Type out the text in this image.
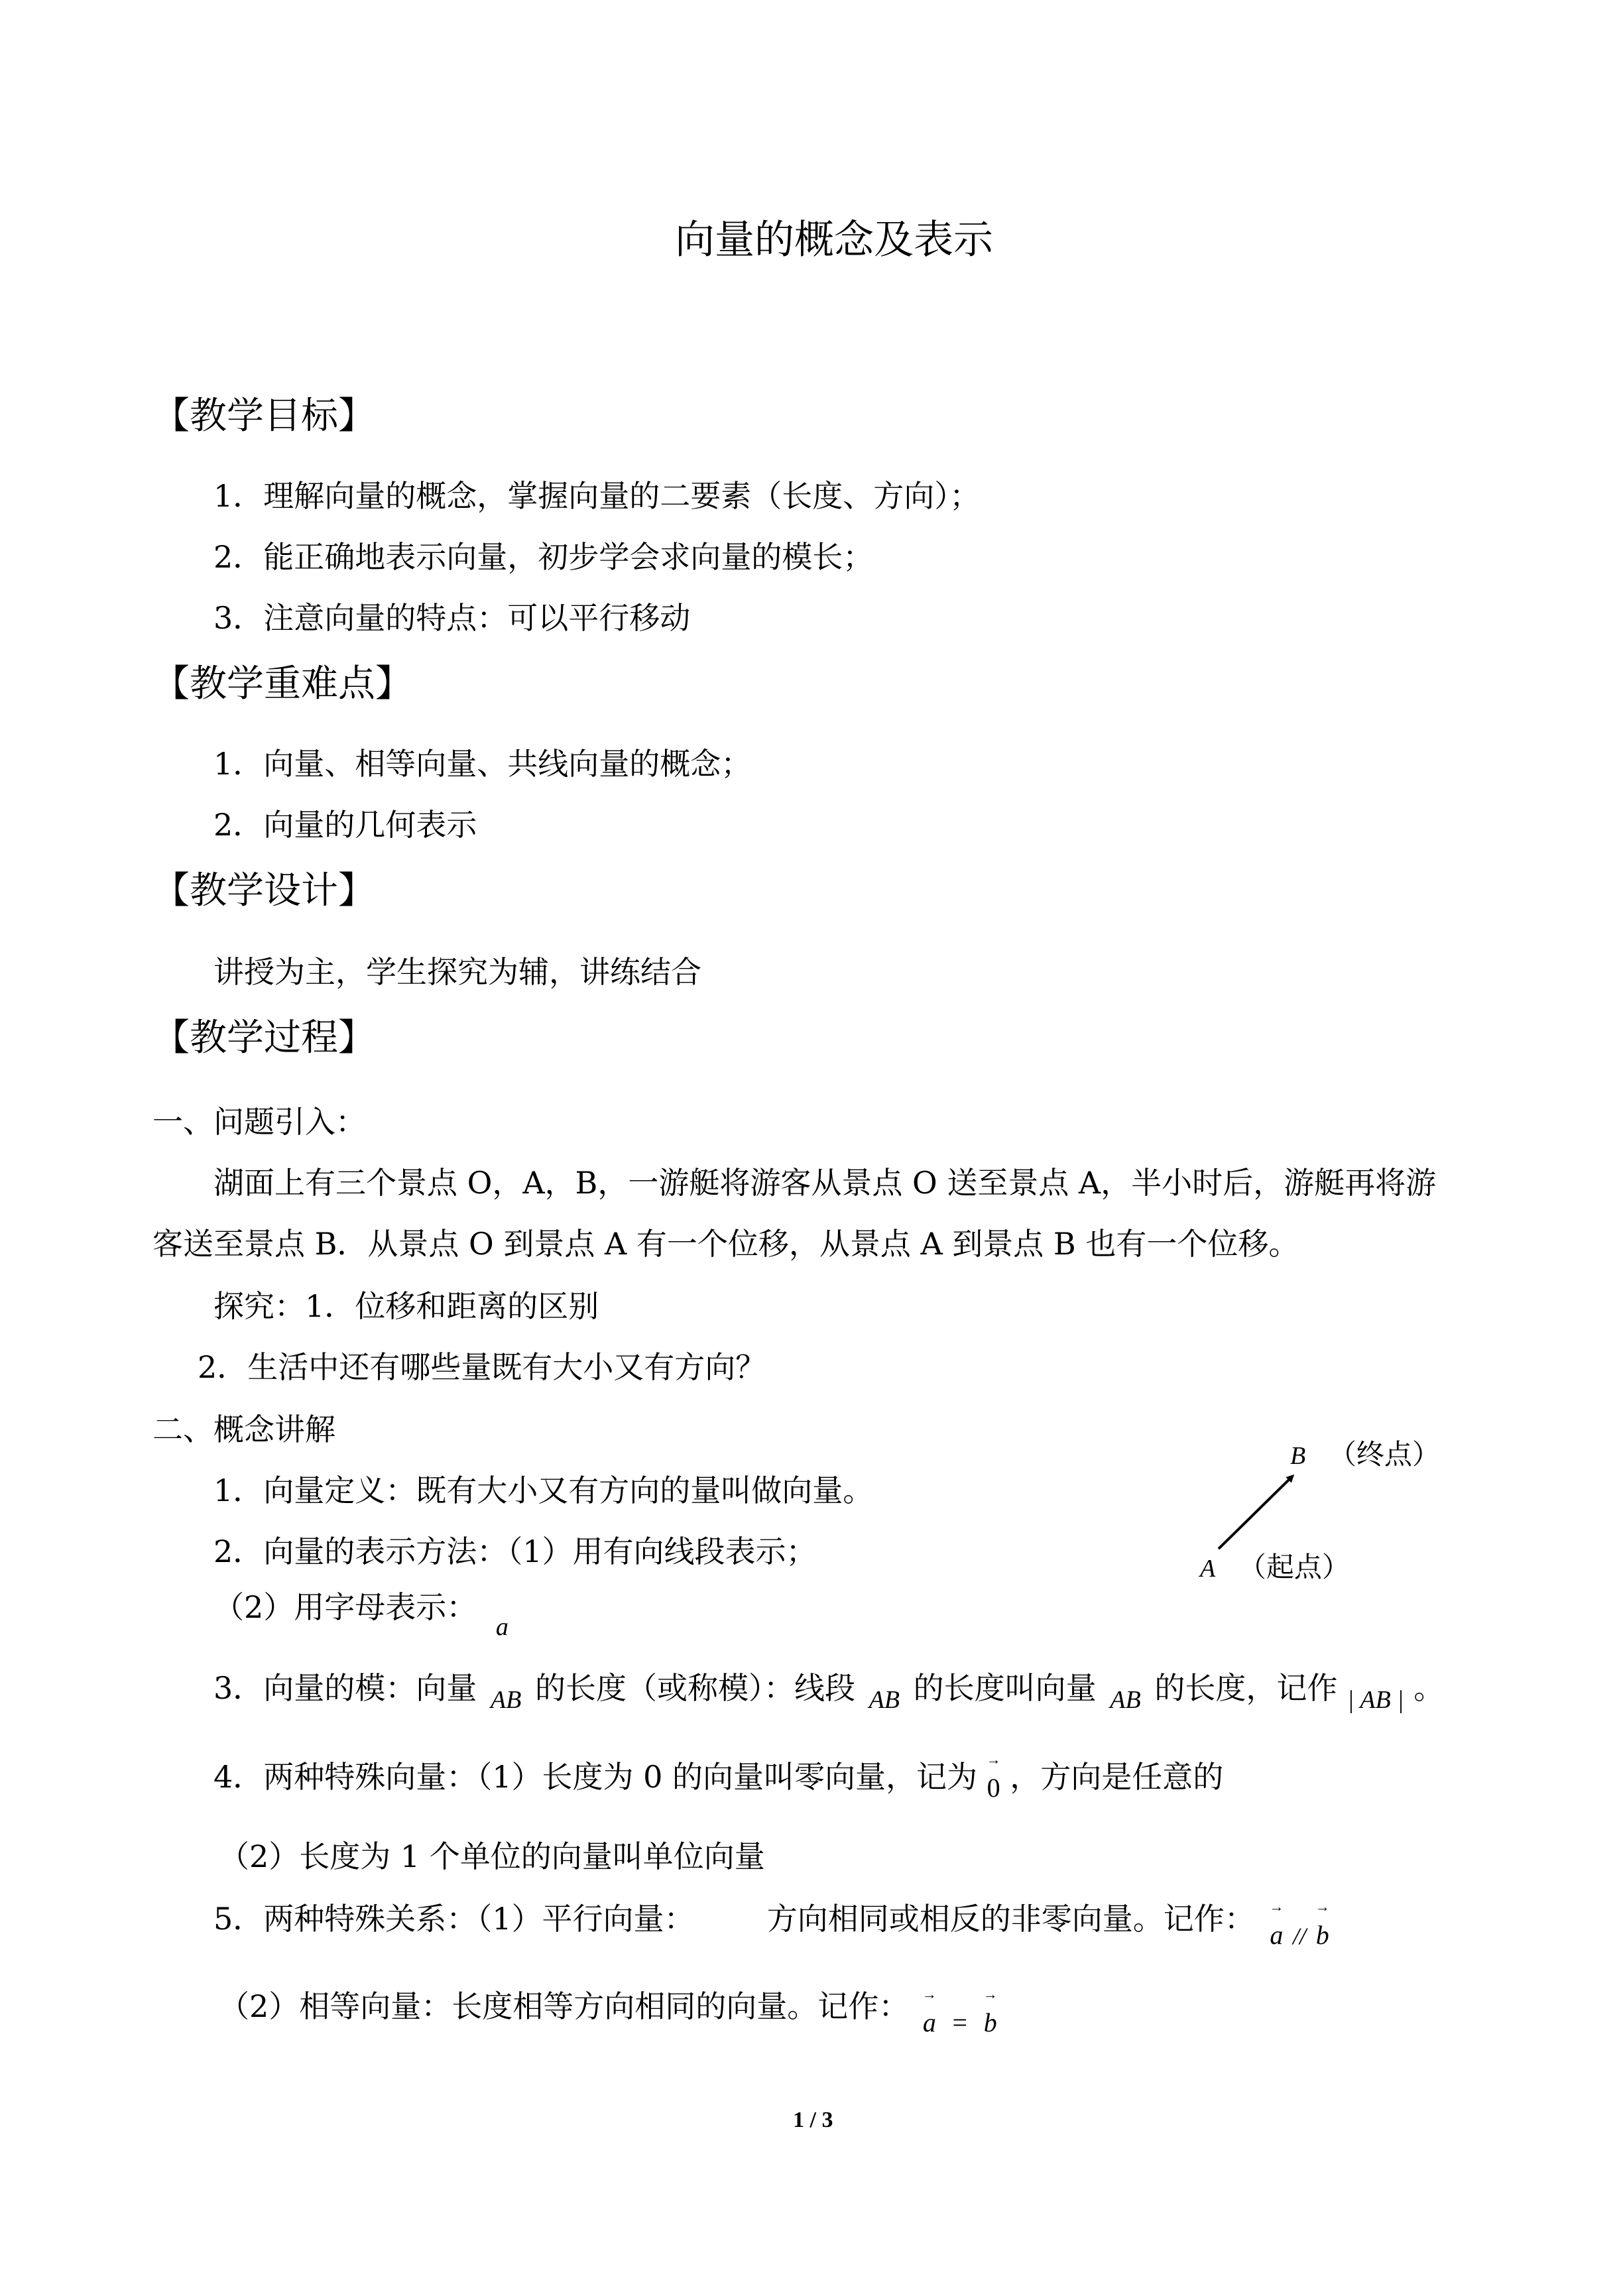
向量的概念及表示
【教学目标】
1．理解向量的概念，掌握向量的二要素（长度、方向）；
2．能正确地表示向量，初步学会求向量的模长；
3．注意向量的特点：可以平行移动
【教学重难点】
1．向量、相等向量、共线向量的概念；
2．向量的几何表示
【教学设计】
讲授为主，学生探究为辅，讲练结合
【教学过程】
一、问题引入：
湖面上有三个景点 O，A，B，一游艇将游客从景点 O 送至景点 A，半小时后，游艇再将游
客送至景点 B．从景点 O 到景点 A 有一个位移，从景点 A 到景点 B 也有一个位移。
探究：1．位移和距离的区别
2．生活中还有哪些量既有大小又有方向？
二、概念讲解
1．向量定义：既有大小又有方向的量叫做向量。
2．向量的表示方法：（1）用有向线段表示；
（2）用字母表示： $_a$
3．向量的模：向量 AB 的长度（或称模）：线段 AB 的长度叫向量 AB 的长度，记作 | AB | 。
4．两种特殊向量：（1）长度为 0 的向量叫零向量，记为 →
0 ，方向是任意的
（2）长度为 1 个单位的向量叫单位向量
5．两种特殊关系：（1）平行向量： 方向相同或相反的非零向量。记作： →
a //
→
b
（2）相等向量：长度相等方向相同的向量。记作： →
a =
→
b
B （终点）
A （起点）
1 / 3
